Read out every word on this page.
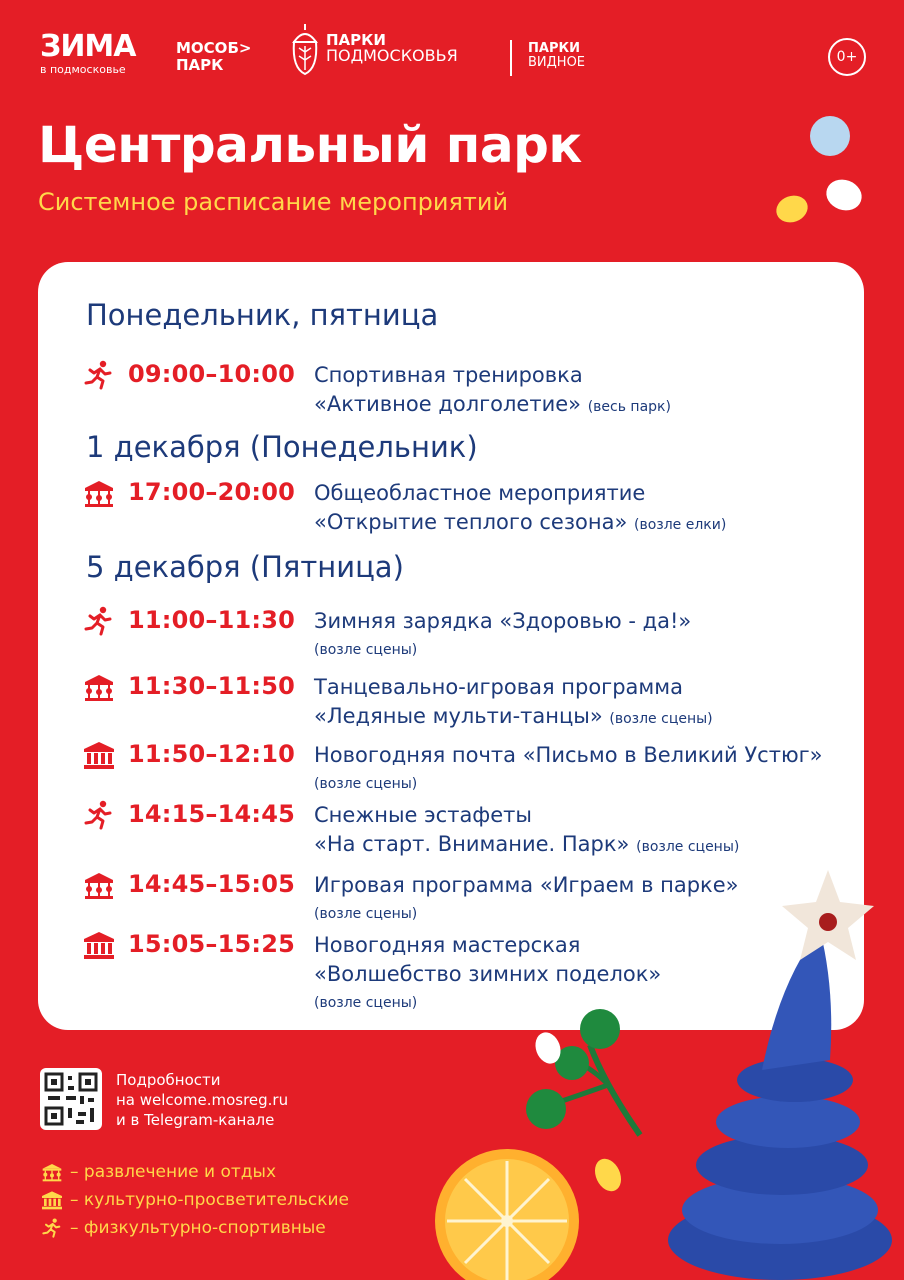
ЗИМА
в подмосковье
МОСОБ>
ПАРК
ПАРКИ
ПОДМОСКОВЬЯ	ПАРКИ
ВИДНОЕ	0+
Центральный парк
Системное расписание мероприятий
Понедельник, пятница
09:00–10:00 Спортивная тренировка
«Активное долголетие» (весь парк)
1 декабря (Понедельник)
17:00–20:00 Общеобластное мероприятие
«Открытие теплого сезона» (возле елки)
5 декабря (Пятница)
11:00–11:30 Зимняя зарядка «Здоровью - да!»
(возле сцены)
11:30–11:50 Танцевально-игровая программа
«Ледяные мульти-танцы» (возле сцены)
11:50–12:10 Новогодняя почта «Письмо в Великий Устюг»
(возле сцены)
14:15–14:45 Снежные эстафеты
«На старт. Внимание. Парк» (возле сцены)
14:45–15:05 Игровая программа «Играем в парке»
(возле сцены)
15:05–15:25 Новогодняя мастерская
«Волшебство зимних поделок»
(возле сцены)
Подробности
на welcome.mosreg.ru
и в Telegram-канале
– развлечение и отдых
– культурно-просветительские
– физкультурно-спортивные
